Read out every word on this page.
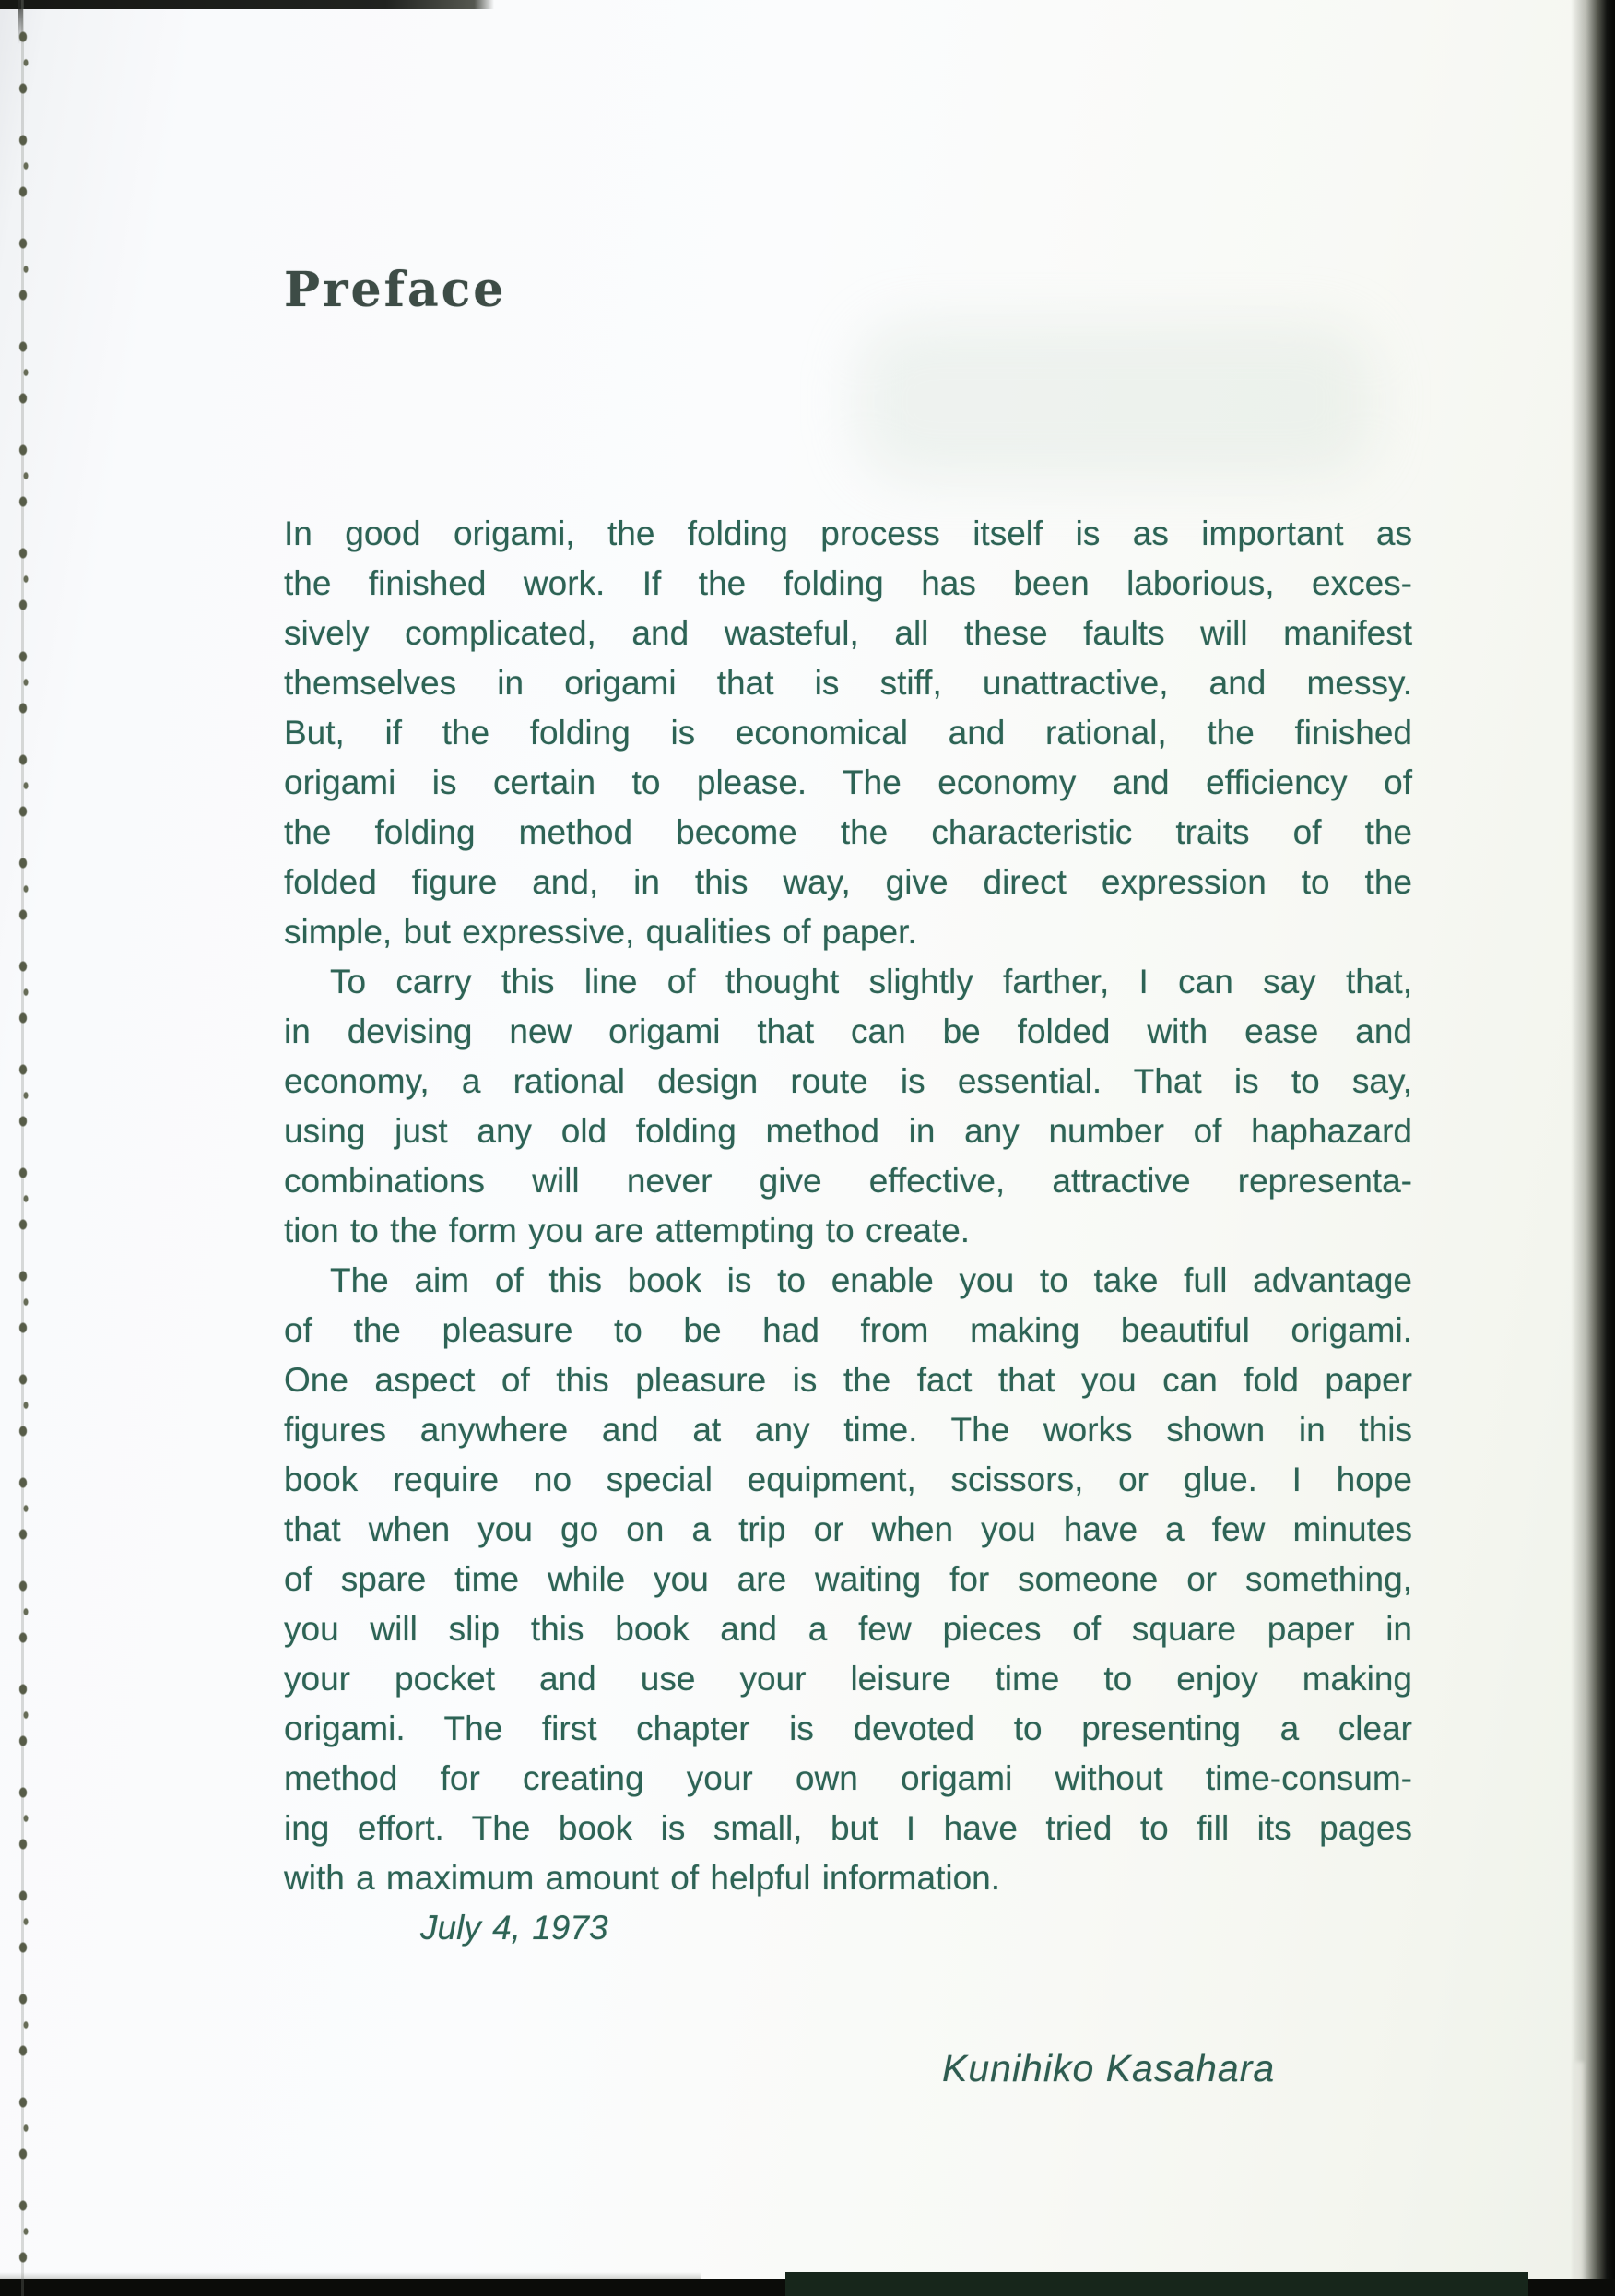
Preface
In good origami, the folding process itself is as important as
the finished work. If the folding has been laborious, exces-
sively complicated, and wasteful, all these faults will manifest
themselves in origami that is stiff, unattractive, and messy.
But, if the folding is economical and rational, the finished
origami is certain to please. The economy and efficiency of
the folding method become the characteristic traits of the
folded figure and, in this way, give direct expression to the
simple, but expressive, qualities of paper.
To carry this line of thought slightly farther, I can say that,
in devising new origami that can be folded with ease and
economy, a rational design route is essential. That is to say,
using just any old folding method in any number of haphazard
combinations will never give effective, attractive representa-
tion to the form you are attempting to create.
The aim of this book is to enable you to take full advantage
of the pleasure to be had from making beautiful origami.
One aspect of this pleasure is the fact that you can fold paper
figures anywhere and at any time. The works shown in this
book require no special equipment, scissors, or glue. I hope
that when you go on a trip or when you have a few minutes
of spare time while you are waiting for someone or something,
you will slip this book and a few pieces of square paper in
your pocket and use your leisure time to enjoy making
origami. The first chapter is devoted to presenting a clear
method for creating your own origami without time-consum-
ing effort. The book is small, but I have tried to fill its pages
with a maximum amount of helpful information.
July 4, 1973
Kunihiko Kasahara
